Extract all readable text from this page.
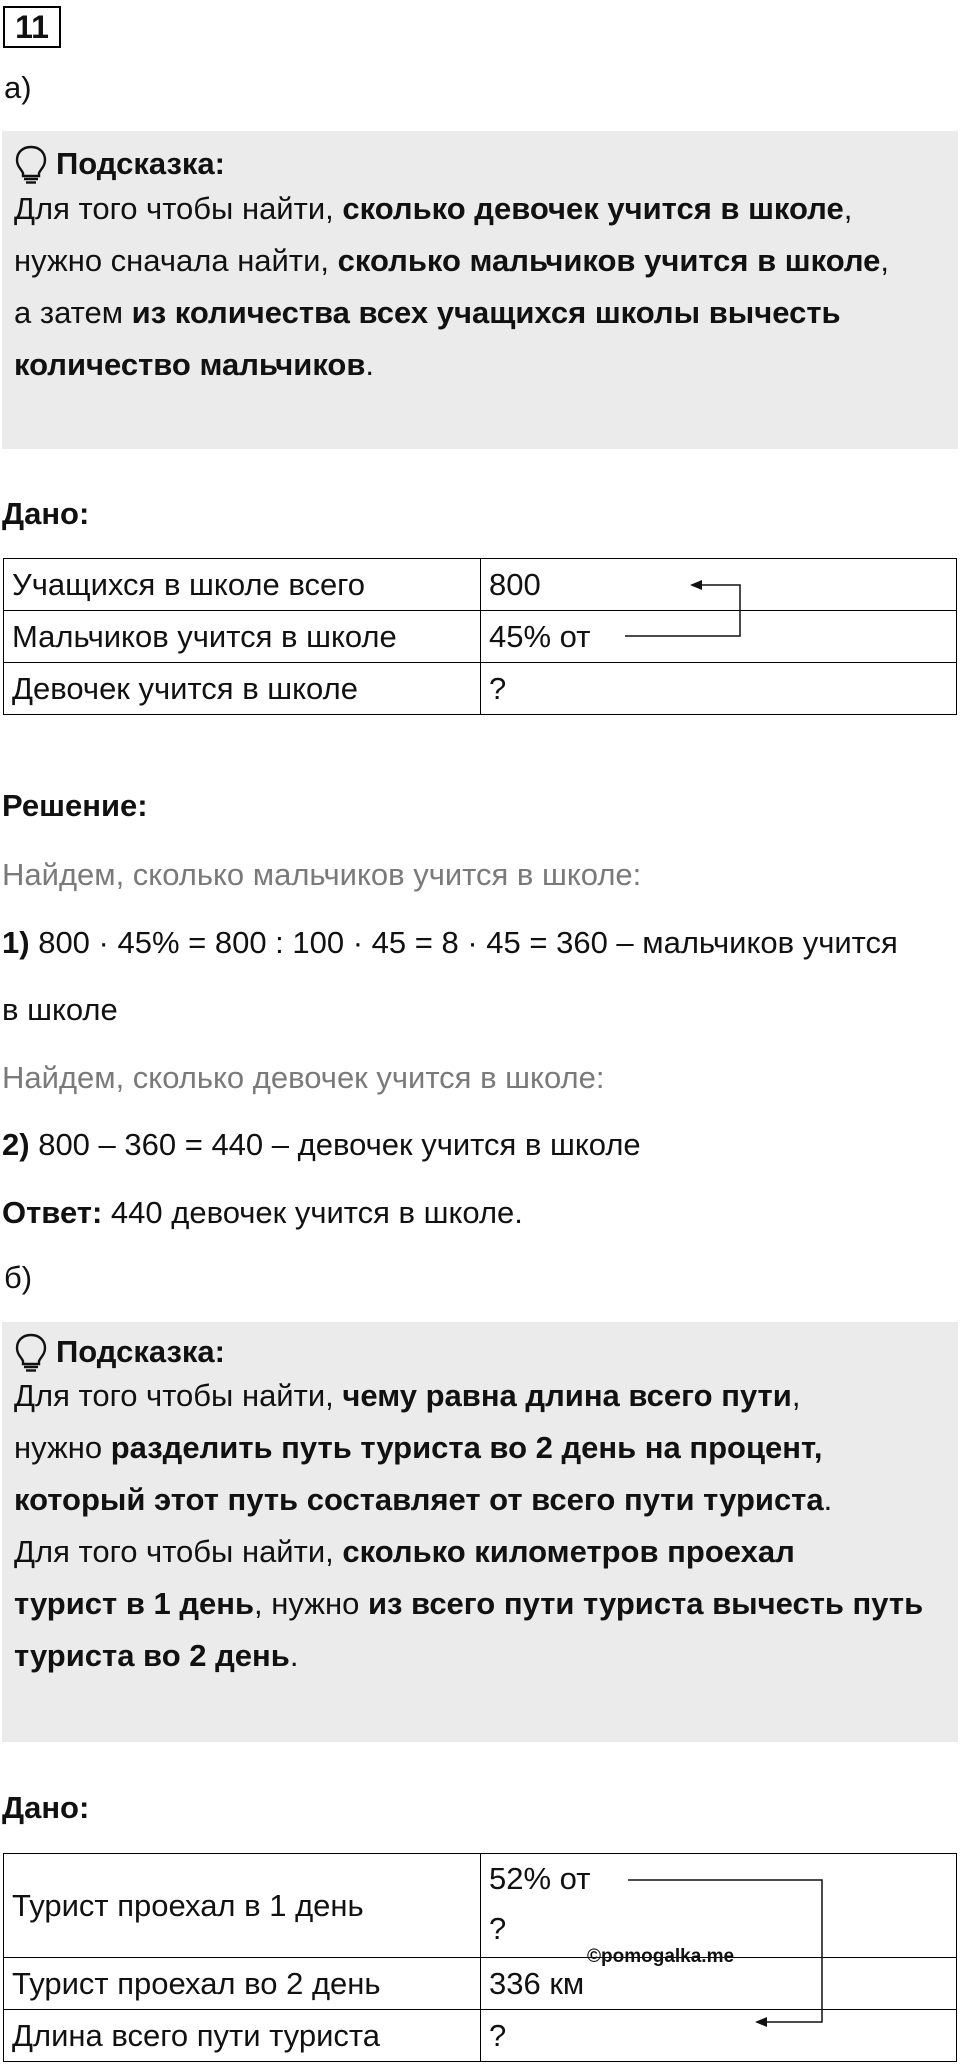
11
а)
Подсказка:
Для того чтобы найти, сколько девочек учится в школе,
нужно сначала найти, сколько мальчиков учится в школе,
а затем из количества всех учащихся школы вычесть
количество мальчиков.
Дано:
Учащихся в школе всего	800
Мальчиков учится в школе	45% от
Девочек учится в школе	?
Решение:
Найдем, сколько мальчиков учится в школе:
1) 800 · 45% = 800 : 100 · 45 = 8 · 45 = 360 – мальчиков учится
в школе
Найдем, сколько девочек учится в школе:
2) 800 – 360 = 440 – девочек учится в школе
Ответ: 440 девочек учится в школе.
б)
Подсказка:
Для того чтобы найти, чему равна длина всего пути,
нужно разделить путь туриста во 2 день на процент,
который этот путь составляет от всего пути туриста.
Для того чтобы найти, сколько километров проехал
турист в 1 день, нужно из всего пути туриста вычесть путь
туриста во 2 день.
Дано:
Турист проехал в 1 день	52% от
?

Турист проехал во 2 день	336 км
Длина всего пути туриста	?
©pomogalka.me
